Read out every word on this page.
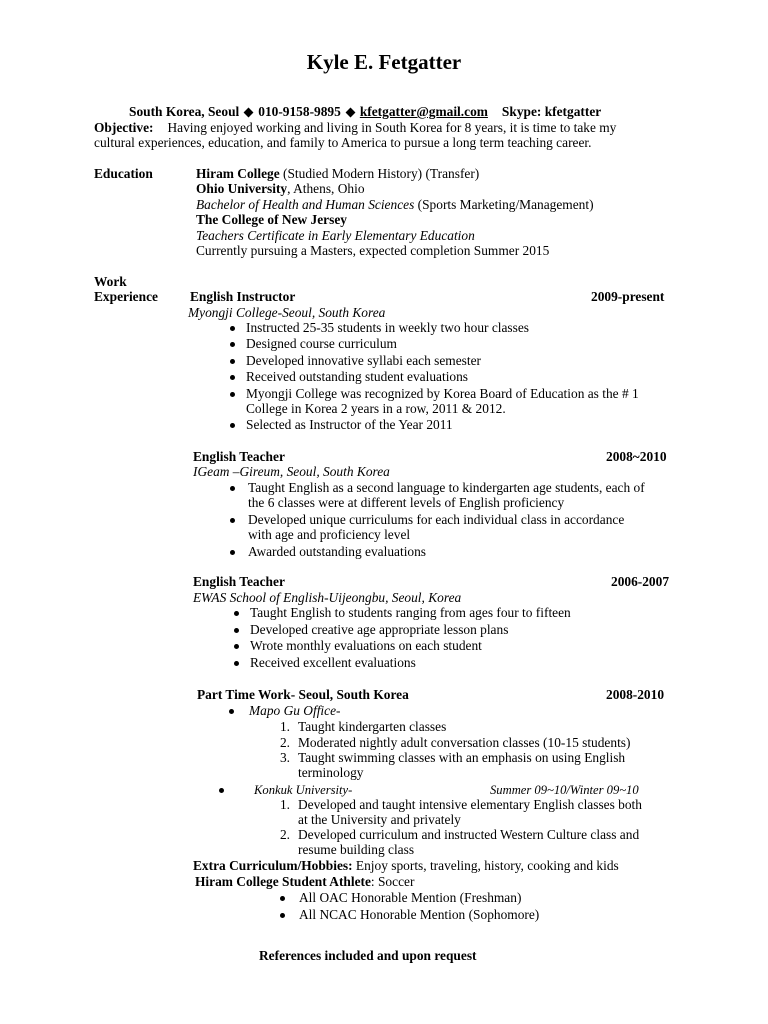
Kyle E. Fetgatter
South Korea, Seoul 010-9158-9895 kfetgatter@gmail.com Skype: kfetgatter
Objective: Having enjoyed working and living in South Korea for 8 years, it is time to take my
cultural experiences, education, and family to America to pursue a long term teaching career.
Education	Hiram College (Studied Modern History) (Transfer)
Ohio University, Athens, Ohio
Bachelor of Health and Human Sciences (Sports Marketing/Management)
The College of New Jersey
Teachers Certificate in Early Elementary Education
Currently pursuing a Masters, expected completion Summer 2015
Work
Experience English Instructor	2009-present
Myongji College-Seoul, South Korea
Instructed 25-35 students in weekly two hour classes
Designed course curriculum
Developed innovative syllabi each semester
Received outstanding student evaluations
Myongji College was recognized by Korea Board of Education as the # 1
College in Korea 2 years in a row, 2011 & 2012.
Selected as Instructor of the Year 2011
English Teacher	2008~2010
IGeam –Gireum, Seoul, South Korea
Taught English as a second language to kindergarten age students, each of
the 6 classes were at different levels of English proficiency
Developed unique curriculums for each individual class in accordance
with age and proficiency level
Awarded outstanding evaluations
English Teacher	2006-2007
EWAS School of English-Uijeongbu, Seoul, Korea
Taught English to students ranging from ages four to fifteen
Developed creative age appropriate lesson plans
Wrote monthly evaluations on each student
Received excellent evaluations
Part Time Work- Seoul, South Korea	2008-2010
Mapo Gu Office-
1. Taught kindergarten classes
2. Moderated nightly adult conversation classes (10-15 students)
3. Taught swimming classes with an emphasis on using English
terminology
Konkuk University-	Summer 09~10/Winter 09~10
1. Developed and taught intensive elementary English classes both
at the University and privately
2. Developed curriculum and instructed Western Culture class and
resume building class
Extra Curriculum/Hobbies: Enjoy sports, traveling, history, cooking and kids
Hiram College Student Athlete: Soccer
All OAC Honorable Mention (Freshman)
All NCAC Honorable Mention (Sophomore)
References included and upon request
